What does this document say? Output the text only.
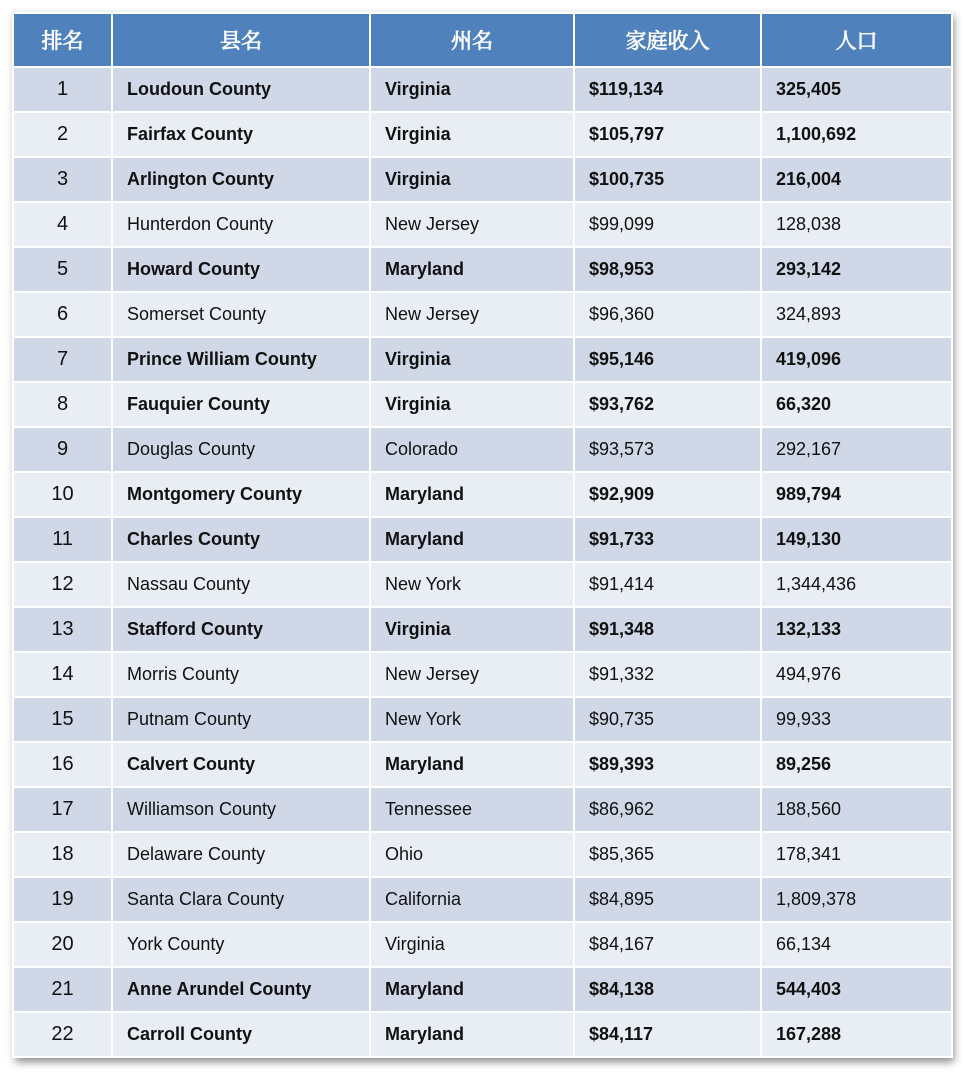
排名	县名	州名	家庭收入	人口
1	Loudoun County	Virginia	$119,134	325,405
2	Fairfax County	Virginia	$105,797	1,100,692
3	Arlington County	Virginia	$100,735	216,004
4	Hunterdon County	New Jersey	$99,099	128,038
5	Howard County	Maryland	$98,953	293,142
6	Somerset County	New Jersey	$96,360	324,893
7	Prince William County	Virginia	$95,146	419,096
8	Fauquier County	Virginia	$93,762	66,320
9	Douglas County	Colorado	$93,573	292,167
10	Montgomery County	Maryland	$92,909	989,794
11	Charles County	Maryland	$91,733	149,130
12	Nassau County	New York	$91,414	1,344,436
13	Stafford County	Virginia	$91,348	132,133
14	Morris County	New Jersey	$91,332	494,976
15	Putnam County	New York	$90,735	99,933
16	Calvert County	Maryland	$89,393	89,256
17	Williamson County	Tennessee	$86,962	188,560
18	Delaware County	Ohio	$85,365	178,341
19	Santa Clara County	California	$84,895	1,809,378
20	York County	Virginia	$84,167	66,134
21	Anne Arundel County	Maryland	$84,138	544,403
22	Carroll County	Maryland	$84,117	167,288
